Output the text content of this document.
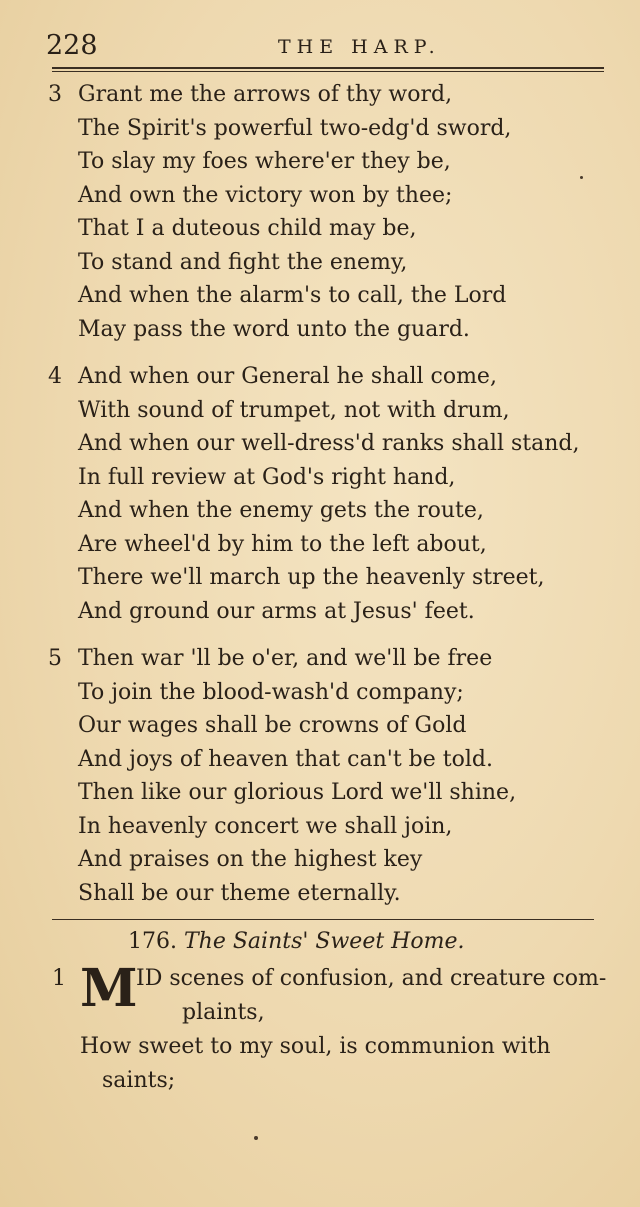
228	THE HARP.
3 Grant me the arrows of thy word,
The Spirit's powerful two-edg'd sword,
To slay my foes where'er they be,
And own the victory won by thee;
That I a duteous child may be,
To stand and fight the enemy,
And when the alarm's to call, the Lord
May pass the word unto the guard.
4 And when our General he shall come,
With sound of trumpet, not with drum,
And when our well-dress'd ranks shall stand,
In full review at God's right hand,
And when the enemy gets the route,
Are wheel'd by him to the left about,
There we'll march up the heavenly street,
And ground our arms at Jesus' feet.
5 Then war 'll be o'er, and we'll be free
To join the blood-wash'd company;
Our wages shall be crowns of Gold
And joys of heaven that can't be told.
Then like our glorious Lord we'll shine,
In heavenly concert we shall join,
And praises on the highest key
Shall be our theme eternally.
176. The Saints' Sweet Home.
1 M
ID scenes of confusion, and creature com-
plaints,
How sweet to my soul, is communion with
saints;
